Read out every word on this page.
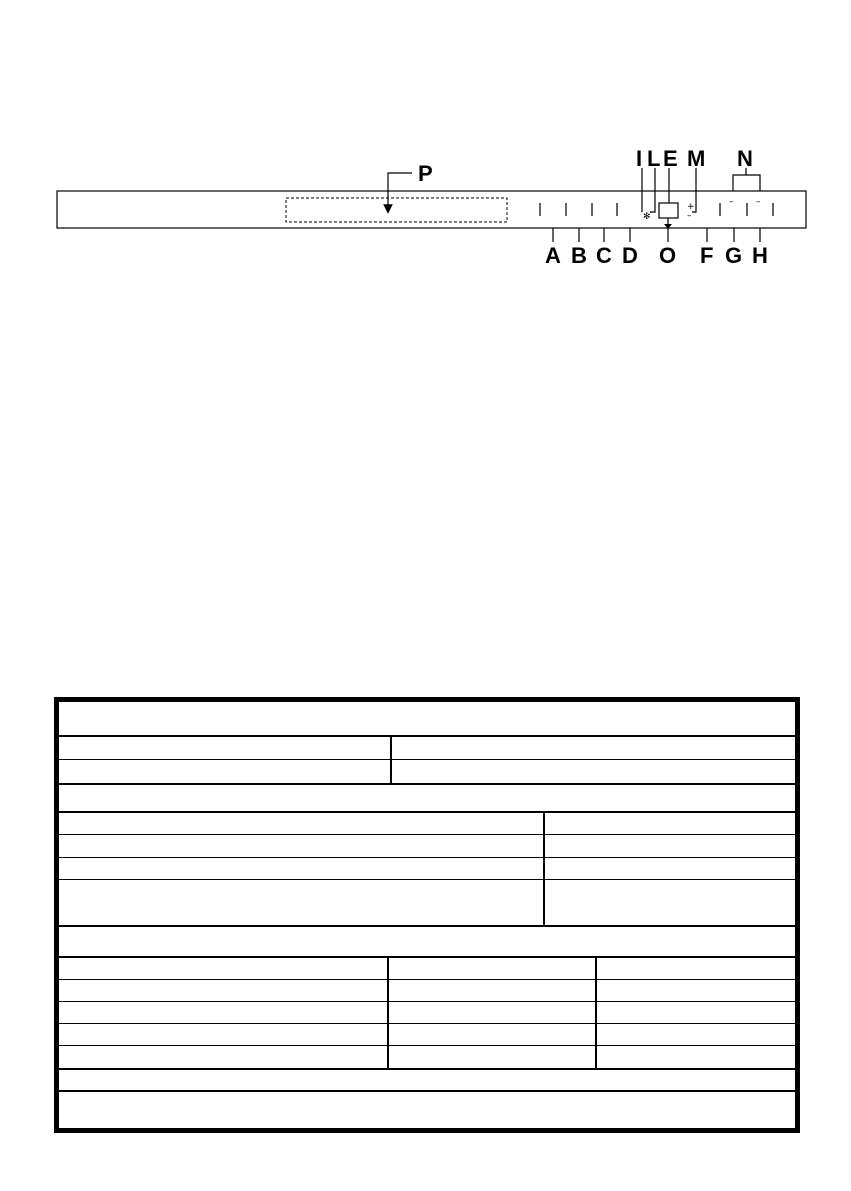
P
✻
+
–
–	–
I L E M N
A B C D O F G H
